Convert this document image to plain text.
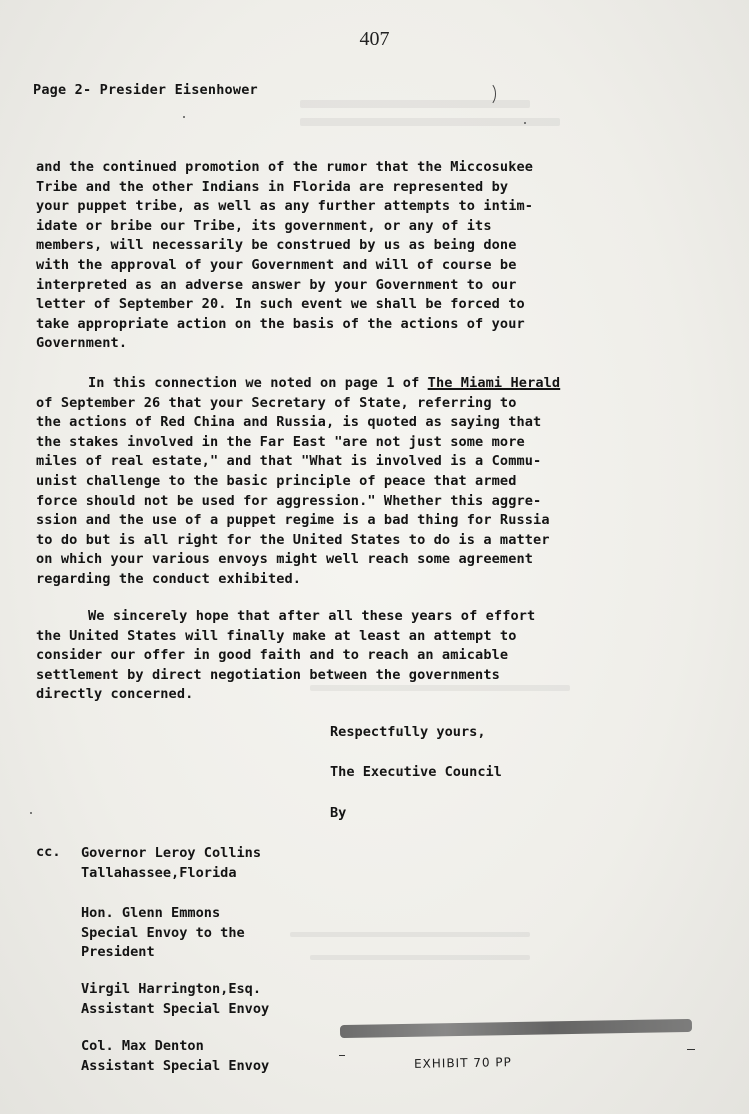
407
Page 2- Presider Eisenhower
and the continued promotion of the rumor that the Miccosukee
Tribe and the other Indians in Florida are represented by
your puppet tribe, as well as any further attempts to intim-
idate or bribe our Tribe, its government, or any of its
members, will necessarily be construed by us as being done
with the approval of your Government and will of course be
interpreted as an adverse answer by your Government to our
letter of September 20. In such event we shall be forced to
take appropriate action on the basis of the actions of your
Government.
In this connection we noted on page 1 of The Miami Herald
of September 26 that your Secretary of State, referring to
the actions of Red China and Russia, is quoted as saying that
the stakes involved in the Far East "are not just some more
miles of real estate," and that "What is involved is a Commu-
unist challenge to the basic principle of peace that armed
force should not be used for aggression." Whether this aggre-
ssion and the use of a puppet regime is a bad thing for Russia
to do but is all right for the United States to do is a matter
on which your various envoys might well reach some agreement
regarding the conduct exhibited.
We sincerely hope that after all these years of effort
the United States will finally make at least an attempt to
consider our offer in good faith and to reach an amicable
settlement by direct negotiation between the governments
directly concerned.
Respectfully yours,
The Executive Council
By
cc. Governor Leroy Collins
Tallahassee,Florida
Hon. Glenn Emmons
Special Envoy to the
President
Virgil Harrington,Esq.
Assistant Special Envoy
Col. Max Denton
Assistant Special Envoy	EXHIBIT 70 PP
